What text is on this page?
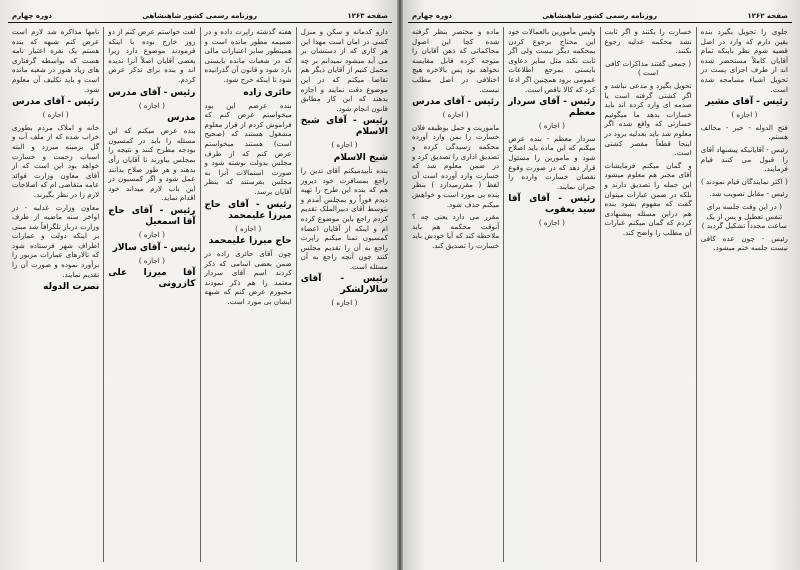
صفحه ۱۲۶۳
روزنامه رسمی کشور شاهنشاهی
دوره چهارم

دارو کدمانه و سکن و منزل کسی در امان است مهذا این هر کاری که از دستشان بر می آید میشود نمیدانم بر چه محمل کنیم از آقایان دیگر هم تقاضا میکنم که در این موضوع دقت نمایند و اجازه بدهند که این کار مطابق قانون انجام شود.

رئیس - آقای شیخ الاسلام

( اجازه )

شیخ الاسلام

بنده تأییدمیکنم آقای تدین را راجع بمسافرت خود دیروز هم که بنده این طرح را تهیه دیدم فوراً رو بمجلس آمدم و بتوسط آقای دبیرالملک تقدیم کردم راجع باین موضوع کرده ام و اینکه از آقایان اعضاء کمسیون تمنا میکنم راپرت راجع به آن را تقدیم مجلس کنند چون آنچه راجع به آن مسئله است.

رئیس - آقای سالارلشکر

( اجازه )

هفته گذشته راپرت داده و در ضمیمه مطور مانده است و همینطور سایر اعتبارات مالی که در شعبات مانده بایستی بارد شود و قانون آن گذرانیده شود تا اینکه خرج شود.

حائری زاده

بنده عرضم این بود میخواستم عرض کنم که فراموش کردم از قرار معلوم مشغول هستند که (صحیح است) هستند میخواستم عرض کنم که از طرف مجلس بدولت نوشته شود و صورت استمالات آنرا به مجلس بفرستند که بنظر آقایان برسد.

رئیس - آقای حاج میرزا علیمحمد

( اجازه )

حاج میرزا علیمحمد

چون آقای حائری زاده در ضمن بعضی اسامی که ذکر کردند اسم آقای سردار معتمد را هم ذکر نمودند مجبورم عرض کنم که شبهه ایشان بی مورد است.

لغت خواستم عرض کنم از دو روز خارج بوده با اینکه فرمودند موضوع دارد زیرا بعضی آقایان اصلاً آنرا ندیده اند و بنده برای تذکر عرض کردم.

رئیس - آقای مدرس

( اجازه )

مدرس

بنده عرض میکنم که این مسئله را باید در کمسیون بودجه مطرح کنند و نتیجه را بمجلس بیاورند تا آقایان رأی بدهند و هر طور صلاح بدانند عمل شود و اگر کمسیون در این باب لازم میداند خود اقدام نماید.

رئیس - آقای حاج آقا اسمعیل

( اجازه )

رئیس - آقای سالار

( اجازه )

آقا میرزا علی کازرونی

نامها مذاکره شد لازم است عرض کنم شبهه که بنده هستم یک نفره اعتبار نامه هست که بواسطه گرفتاری های زیاد هنوز در شعبه مانده است و باید تکلیف آن معلوم شود.

رئیس - آقای مدرس

( اجازه )

خانه و املاک مردم بطوری خراب شده که از ملف آب و گل بزمینه میرزد و البته اسباب زحمت و خسارت خواهد بود این است که از آقای معاون وزارت فوائد عامه متقاضی ام که اصلاحات لازم را در نظر بگیرند.

معاون وزارت عدلیه - در اواخر سنه ماضیه از طرف وزارت دربار تلگرافاً شد مبنی بر اینکه دولت و عمارات اطراف شهر فرستاده شود که تالارهای عمارات مزبور را برآورد نموده و صورت آن را تقدیم نمایند.

نصرت الدوله
صفحه ۱۲۶۲
روزنامه رسمی کشور شاهنشاهی
دوره چهارم

جلوی را تحویل بگیرد بنده یقین دارم که وارد در اصل قضیه شوم نظر باینکه تمام آقایان کاملاً مستحضر شده اند از طرف اجزای پست در تحویل اشیاء مسامحه شده است.

رئیس - آقای مشیر

( اجازه )

فتح الدوله - خیر - مخالف هستم.

رئیس - آقایانیکه پیشنهاد آقای را قبول می کنند قیام فرمایند.

( اکثر نمایندگان قیام نمودند )

رئیس - مقابل تصویب شد.

( در این وقت جلسه برای تنفس تعطیل و پس از یک ساعت مجدداً تشکیل گردید )

رئیس - چون عده کافی نیست جلسه ختم میشود.

خسارت را بکنند و اگر ثابت نشد محکمه عدلیه رجوع بکنند.

( جمعی گفتند مذاکرات کافی است )

تحویل بگیرد و مدعی نباشد و اگر کشتی گرفته است یا صدمه ای وارد کرده اند باید خسارات بدهد ما میگوئیم خسارتی که واقع شده اگر معلوم شد باید بعدلیه برود در اینجا قطعاً مقصر کشتی است.

و گمان میکنم فرمایشات آقای مخبر هم معلوم میشود این جمله را تصدیق دارند و بلکه در ضمن عبارات میتوان گفت که مفهوم بشود بنده هم دراین مسئله پیشنهادی کردم که گمان میکنم عبارات آن مطلب را واضح کند.

ولیس مأمورین بالعمالات خود این محتاج برجوع کردن بمحکمه دیگر نیست ولی اگر ثابت نکند مثل سایر دعاوی بایستی بمرجع اطلاعات عمومی برود همچنین اگر ادعا کرد که کالا ناقص است.

رئیس - آقای سردار معظم

( اجازه )

سردار معظم - بنده عرض میکنم که این ماده باید اصلاح شود و مامورین را مسئول قرار دهد که در صورت وقوع نقصان خسارت وارده را جبران نمایند.

رئیس - آقای آقا سید یعقوب

( اجازه )

ماده و مختصر بنظر گرفته شده کجا این اصول محاکماتی که ذهن آقایان را متوجه کرده قابل مقایسه نخواهد بود پس بالاخره هیچ اختلافی در اصل مطلب نیست.

رئیس - آقای مدرس

( اجازه )

ماموریت و حمل بوظیفه فلان خسارت را بمن وارد آورده محکمه رسیدگی کرده و تصدیق اداری را تصدیق کرد و در ضمن معلوم شد که خسارت وارد آورده است آن لفظ ( مقررمیدارد ) بنظر بنده بی مورد است و خواهش میکنم حذف شود.

مقرر می دارد یعنی چه ؟ آنوقت محکمه هم باید ملاحظه کند که آیا خودش باید خسارت را تصدیق کند.
